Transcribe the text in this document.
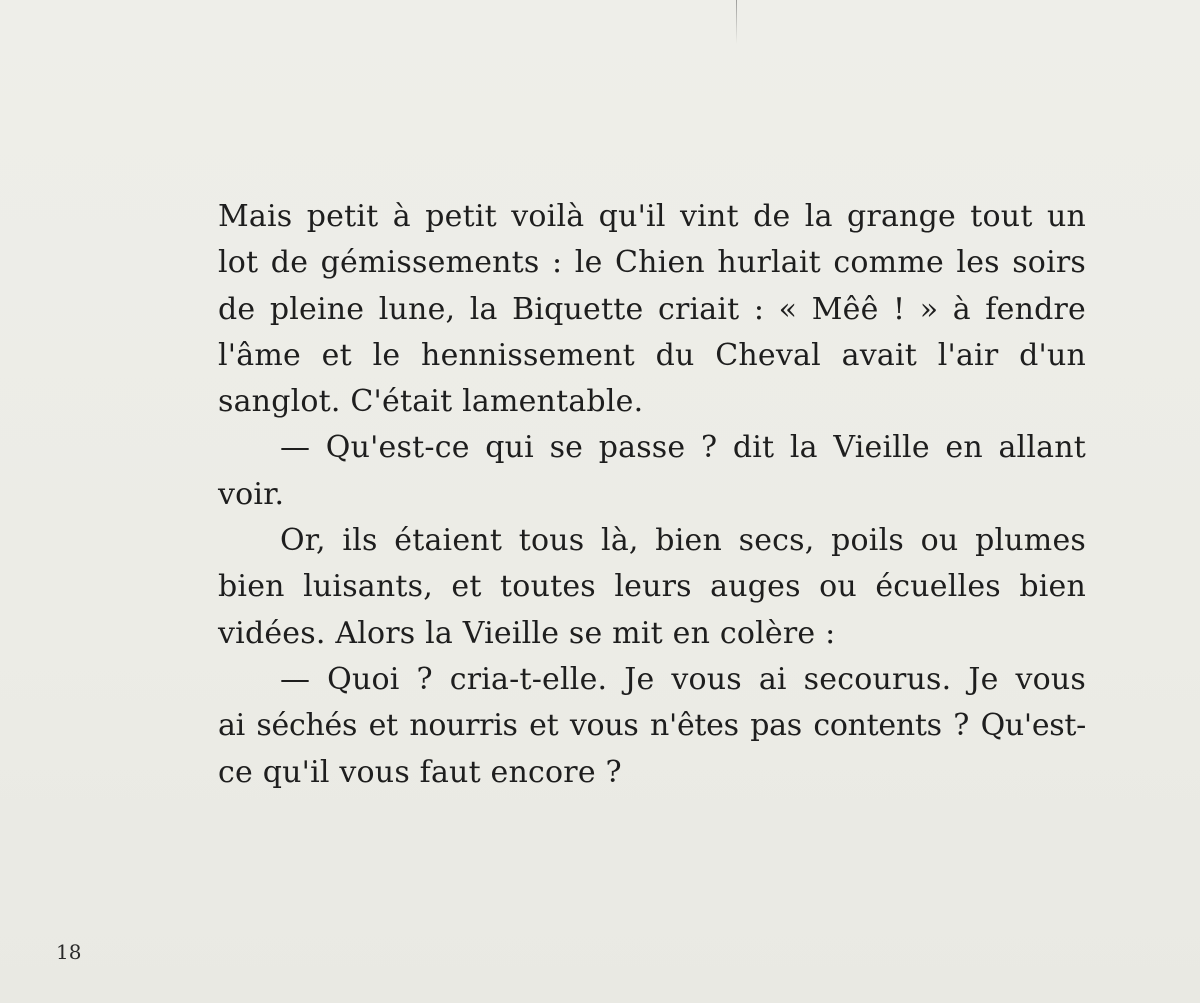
Mais petit à petit voilà qu'il vint de la grange tout un
lot de gémissements : le Chien hurlait comme les soirs
de pleine lune, la Biquette criait : « Mêê ! » à fendre
l'âme et le hennissement du Cheval avait l'air d'un
sanglot. C'était lamentable.
— Qu'est-ce qui se passe ? dit la Vieille en allant
voir.
Or, ils étaient tous là, bien secs, poils ou plumes
bien luisants, et toutes leurs auges ou écuelles bien
vidées. Alors la Vieille se mit en colère :
— Quoi ? cria-t-elle. Je vous ai secourus. Je vous
ai séchés et nourris et vous n'êtes pas contents ? Qu'est-
ce qu'il vous faut encore ?
18
